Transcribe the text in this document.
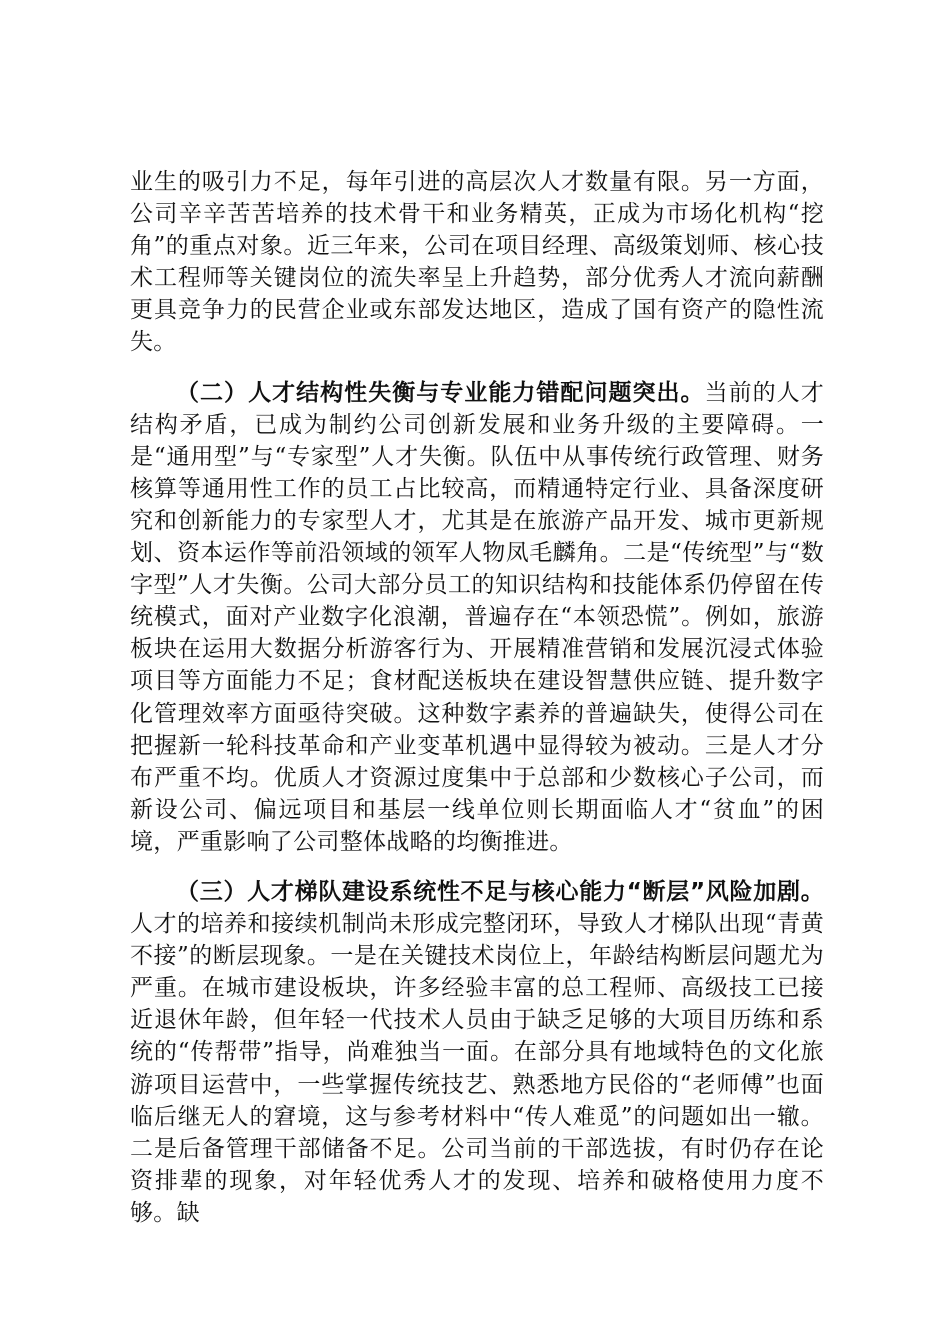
业生的吸引力不足，每年引进的高层次人才数量有限。另一方面，公司辛辛苦苦培养的技术骨干和业务精英，正成为市场化机构“挖角”的重点对象。近三年来，公司在项目经理、高级策划师、核心技术工程师等关键岗位的流失率呈上升趋势，部分优秀人才流向薪酬更具竞争力的民营企业或东部发达地区，造成了国有资产的隐性流失。

（二）人才结构性失衡与专业能力错配问题突出。当前的人才结构矛盾，已成为制约公司创新发展和业务升级的主要障碍。一是“通用型”与“专家型”人才失衡。队伍中从事传统行政管理、财务核算等通用性工作的员工占比较高，而精通特定行业、具备深度研究和创新能力的专家型人才，尤其是在旅游产品开发、城市更新规划、资本运作等前沿领域的领军人物凤毛麟角。二是“传统型”与“数字型”人才失衡。公司大部分员工的知识结构和技能体系仍停留在传统模式，面对产业数字化浪潮，普遍存在“本领恐慌”。例如，旅游板块在运用大数据分析游客行为、开展精准营销和发展沉浸式体验项目等方面能力不足；食材配送板块在建设智慧供应链、提升数字化管理效率方面亟待突破。这种数字素养的普遍缺失，使得公司在把握新一轮科技革命和产业变革机遇中显得较为被动。三是人才分布严重不均。优质人才资源过度集中于总部和少数核心子公司，而新设公司、偏远项目和基层一线单位则长期面临人才“贫血”的困境，严重影响了公司整体战略的均衡推进。

（三）人才梯队建设系统性不足与核心能力“断层”风险加剧。人才的培养和接续机制尚未形成完整闭环，导致人才梯队出现“青黄不接”的断层现象。一是在关键技术岗位上，年龄结构断层问题尤为严重。在城市建设板块，许多经验丰富的总工程师、高级技工已接近退休年龄，但年轻一代技术人员由于缺乏足够的大项目历练和系统的“传帮带”指导，尚难独当一面。在部分具有地域特色的文化旅游项目运营中，一些掌握传统技艺、熟悉地方民俗的“老师傅”也面临后继无人的窘境，这与参考材料中“传人难觅”的问题如出一辙。二是后备管理干部储备不足。公司当前的干部选拔，有时仍存在论资排辈的现象，对年轻优秀人才的发现、培养和破格使用力度不够。缺
